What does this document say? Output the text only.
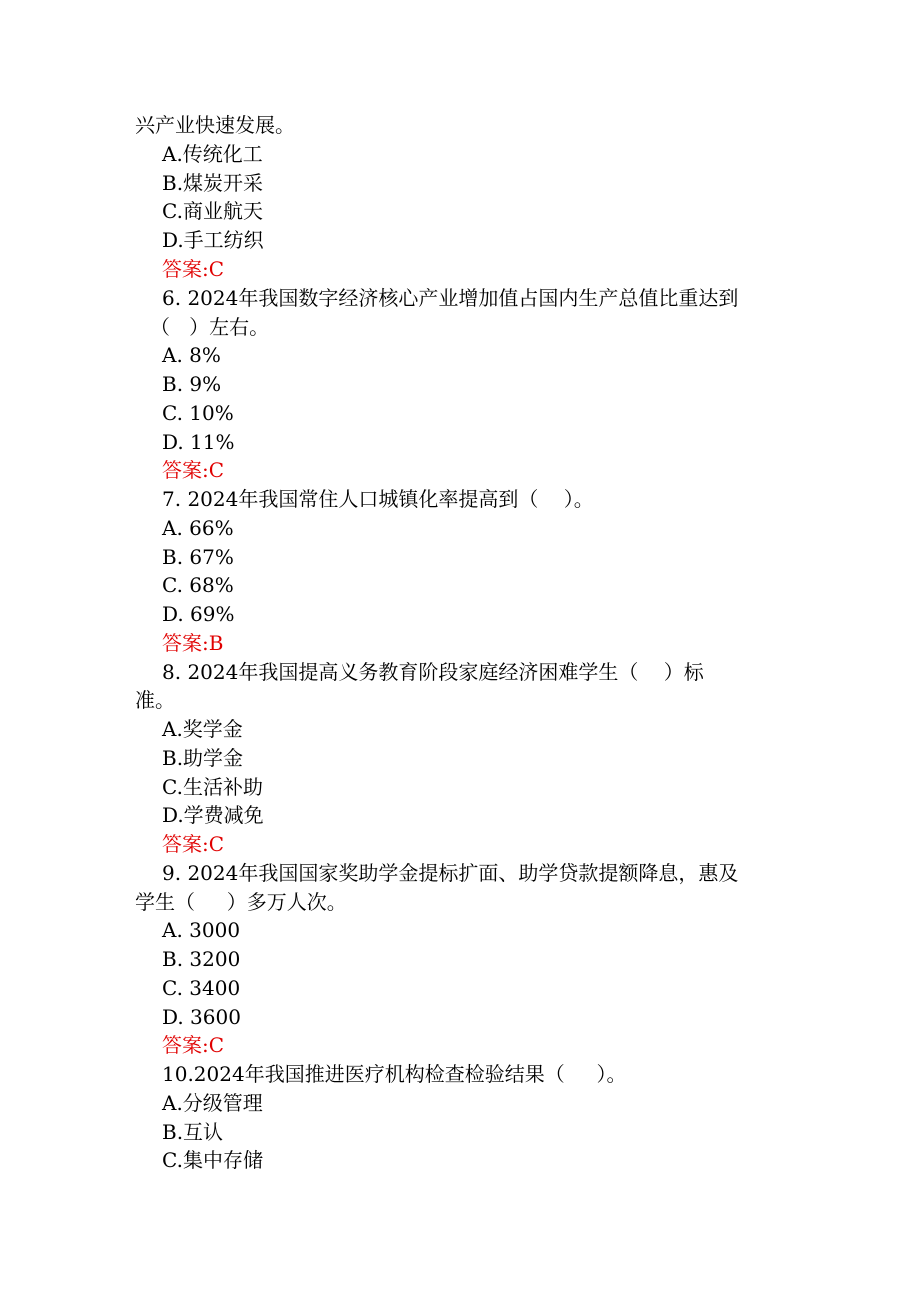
兴产业快速发展。
A.传统化工
B.煤炭开采
C.商业航天
D.手工纺织
答案:C
6. 2024年我国数字经济核心产业增加值占国内生产总值比重达到
（   ）左右。
A. 8%
B. 9%
C. 10%
D. 11%
答案:C
7. 2024年我国常住人口城镇化率提高到（    ）。
A. 66%
B. 67%
C. 68%
D. 69%
答案:B
8. 2024年我国提高义务教育阶段家庭经济困难学生（    ）标
准。
A.奖学金
B.助学金
C.生活补助
D.学费减免
答案:C
9. 2024年我国国家奖助学金提标扩面、助学贷款提额降息，惠及
学生（     ）多万人次。
A. 3000
B. 3200
C. 3400
D. 3600
答案:C
10.2024年我国推进医疗机构检查检验结果（     ）。
A.分级管理
B.互认
C.集中存储
